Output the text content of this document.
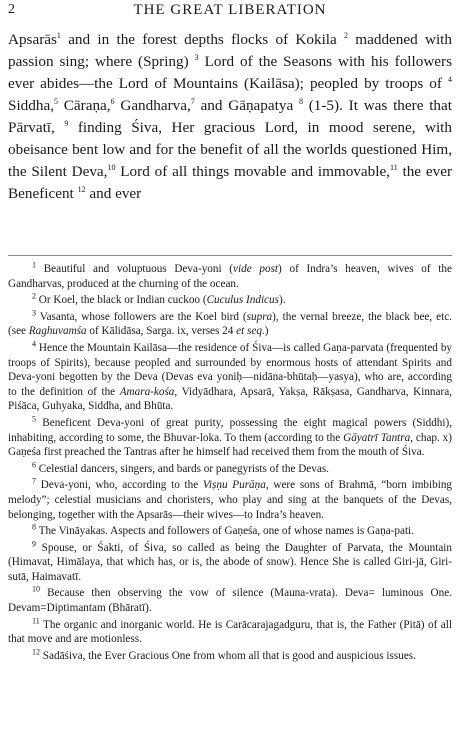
2	THE GREAT LIBERATION

Apsarās$^1$ and in the forest depths flocks of Kokila $^2$ maddened with passion sing; where (Spring) $^3$ Lord of the Seasons with his followers ever abides—the Lord of Mountains (Kailāsa); peopled by troops of $^4$ Siddha,$^5$ Cāraṇa,$^6$ Gandharva,$^7$ and Gāṇapatya $^8$ (1-5). It was there that Pārvatī, $^9$ finding Śiva, Her gracious Lord, in mood serene, with obeisance bent low and for the benefit of all the worlds questioned Him, the Silent Deva,$^{10}$ Lord of all things movable and immovable,$^{11}$ the ever Beneficent $^{12}$ and ever

$^1$ Beautiful and voluptuous Deva-yoni (vide post) of Indra’s heaven, wives of the Gandharvas, produced at the churning of the ocean.

$^2$ Or Koel, the black or Indian cuckoo (Cuculus Indicus).

$^3$ Vasanta, whose followers are the Koel bird (supra), the vernal breeze, the black bee, etc. (see Raghuvamśa of Kālidāsa, Sarga. ix, verses 24 et seq.)

$^4$ Hence the Mountain Kailāsa—the residence of Śiva—is called Gaṇa-parvata (frequented by troops of Spirits), because peopled and surrounded by enormous hosts of attendant Spirits and Deva-yoni begotten by the Deva (Devas eva yoniḥ—nidāna-bhūtaḥ—yasya), who are, according to the definition of the Amara-kośa, Vidyādhara, Apsarā, Yakṣa, Rākṣasa, Gandharva, Kinnara, Piśāca, Guhyaka, Siddha, and Bhūta.

$^5$ Beneficent Deva-yoni of great purity, possessing the eight magical powers (Siddhi), inhabiting, according to some, the Bhuvar-loka. To them (according to the Gāyatrī Tantra, chap. x) Gaṇeśa first preached the Tantras after he himself had received them from the mouth of Śiva.

$^6$ Celestial dancers, singers, and bards or panegyrists of the Devas.

$^7$ Deva-yoni, who, according to the Viṣṇu Purāṇa, were sons of Brahmā, “born imbibing melody”; celestial musicians and choristers, who play and sing at the banquets of the Devas, belonging, together with the Apsarās—their wives—to Indra’s heaven.

$^8$ The Vināyakas. Aspects and followers of Gaṇeśa, one of whose names is Gaṇa-pati.

$^9$ Spouse, or Śakti, of Śiva, so called as being the Daughter of Parvata, the Mountain (Himavat, Himālaya, that which has, or is, the abode of snow). Hence She is called Giri-jā, Giri-sutā, Haimavatī.

$^{10}$ Because then observing the vow of silence (Mauna-vrata). Deva= luminous One. Devam=Diptimantam (Bhāratī).

$^{11}$ The organic and inorganic world. He is Carācarajagadguru, that is, the Father (Pitā) of all that move and are motionless.

$^{12}$ Sadāśiva, the Ever Gracious One from whom all that is good and auspicious issues.
